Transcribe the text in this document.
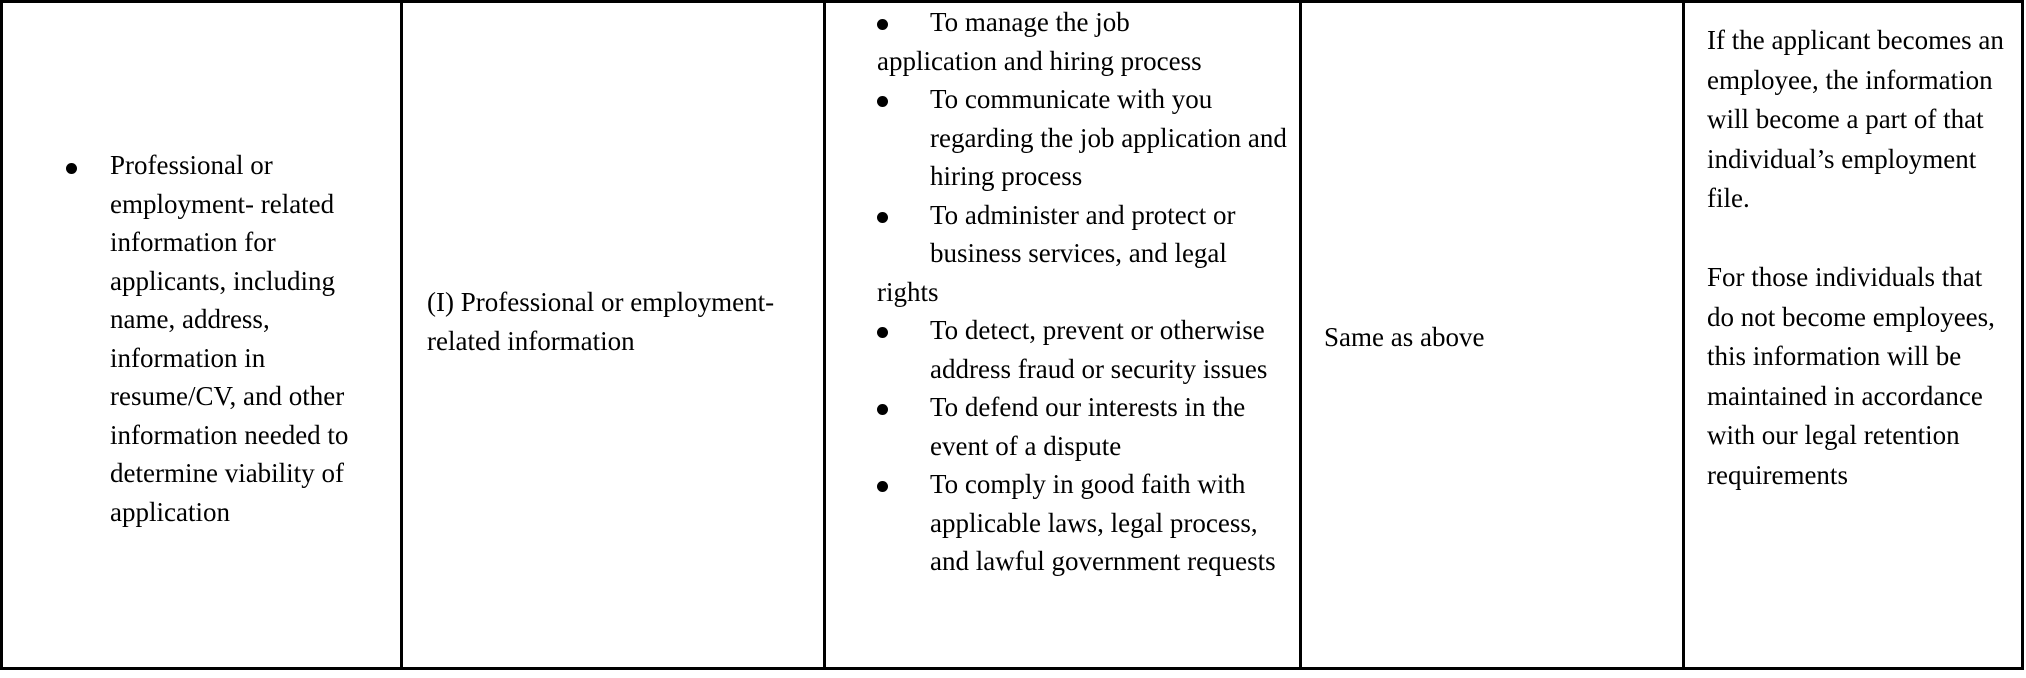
Professional or employment- related information for applicants, including name, address, information in resume/CV, and other information needed to determine viability of application
(I) Professional or employment-related information
To manage the job
application and hiring process
To communicate with you regarding the job application and hiring process
To administer and protect or business services, and legal
rights
To detect, prevent or otherwise address fraud or security issues
To defend our interests in the event of a dispute
To comply in good faith with applicable laws, legal process, and lawful government requests
Same as above

If the applicant becomes an employee, the information will become a part of that individual’s employment file.

For those individuals that do not become employees, this information will be maintained in accordance with our legal retention requirements
